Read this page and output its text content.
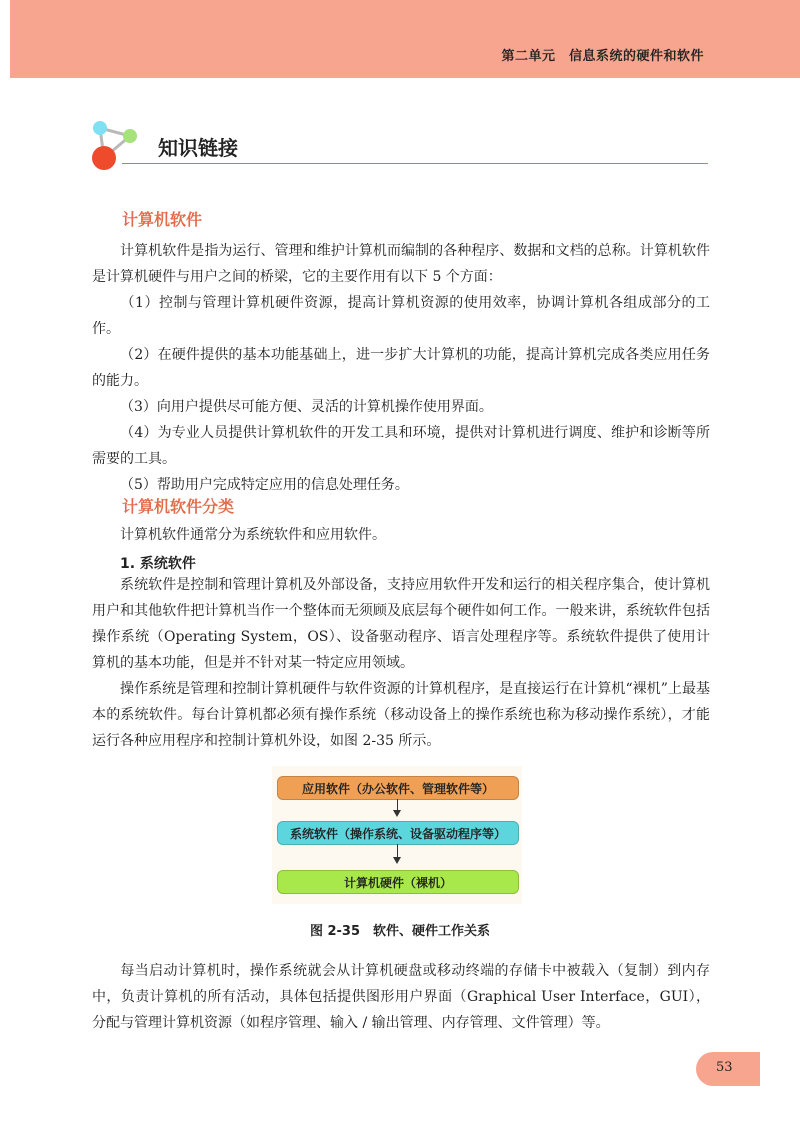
第二单元　信息系统的硬件和软件
知识链接
计算机软件

计算机软件是指为运行、管理和维护计算机而编制的各种程序、数据和文档的总称。计算机软件是计算机硬件与用户之间的桥梁，它的主要作用有以下 5 个方面：

（1）控制与管理计算机硬件资源，提高计算机资源的使用效率，协调计算机各组成部分的工作。

（2）在硬件提供的基本功能基础上，进一步扩大计算机的功能，提高计算机完成各类应用任务的能力。

（3）向用户提供尽可能方便、灵活的计算机操作使用界面。

（4）为专业人员提供计算机软件的开发工具和环境，提供对计算机进行调度、维护和诊断等所需要的工具。

（5）帮助用户完成特定应用的信息处理任务。

计算机软件分类

计算机软件通常分为系统软件和应用软件。

1. 系统软件

系统软件是控制和管理计算机及外部设备，支持应用软件开发和运行的相关程序集合，使计算机用户和其他软件把计算机当作一个整体而无须顾及底层每个硬件如何工作。一般来讲，系统软件包括操作系统（Operating System，OS）、设备驱动程序、语言处理程序等。系统软件提供了使用计算机的基本功能，但是并不针对某一特定应用领域。

操作系统是管理和控制计算机硬件与软件资源的计算机程序，是直接运行在计算机“裸机”上最基本的系统软件。每台计算机都必须有操作系统（移动设备上的操作系统也称为移动操作系统），才能运行各种应用程序和控制计算机外设，如图 2-35 所示。

应用软件（办公软件、管理软件等）
系统软件（操作系统、设备驱动程序等）
计算机硬件（裸机）
图 2-35　软件、硬件工作关系

每当启动计算机时，操作系统就会从计算机硬盘或移动终端的存储卡中被载入（复制）到内存中，负责计算机的所有活动，具体包括提供图形用户界面（Graphical User Interface，GUI），分配与管理计算机资源（如程序管理、输入 / 输出管理、内存管理、文件管理）等。

53
